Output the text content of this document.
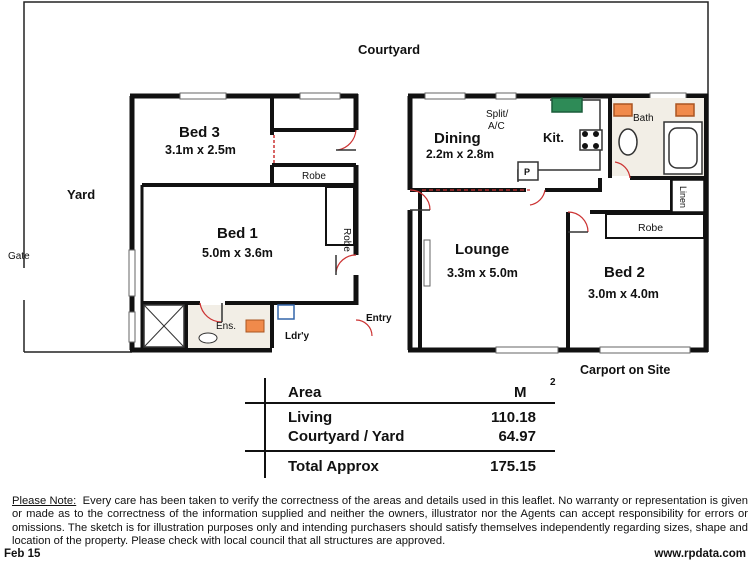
Courtyard
Yard
Gate
Carport on Site
Bed 3
3.1m x 2.5m
Bed 1
5.0m x 3.6m
Dining
2.2m x 2.8m
Lounge
3.3m x 5.0m	Bed 2
3.0m x 4.0m
Kit.
Bath
Ens.
Ldr'y
Entry
Robe
Robe	Robe
Linen
Split/
A/C
P
Area	M
2
Living	110.18
Courtyard / Yard	64.97
Total Approx	175.15
Please Note: Every care has been taken to verify the correctness of the areas and details used in this leaflet. No warranty or representation is given or made as to the correctness of the information supplied and neither the owners, illustrator nor the Agents can accept responsibility for errors or omissions. The sketch is for illustration purposes only and intending purchasers should satisfy themselves independently regarding sizes, shape and location of the property. Please check with local council that all structures are approved.
Feb 15	www.rpdata.com
